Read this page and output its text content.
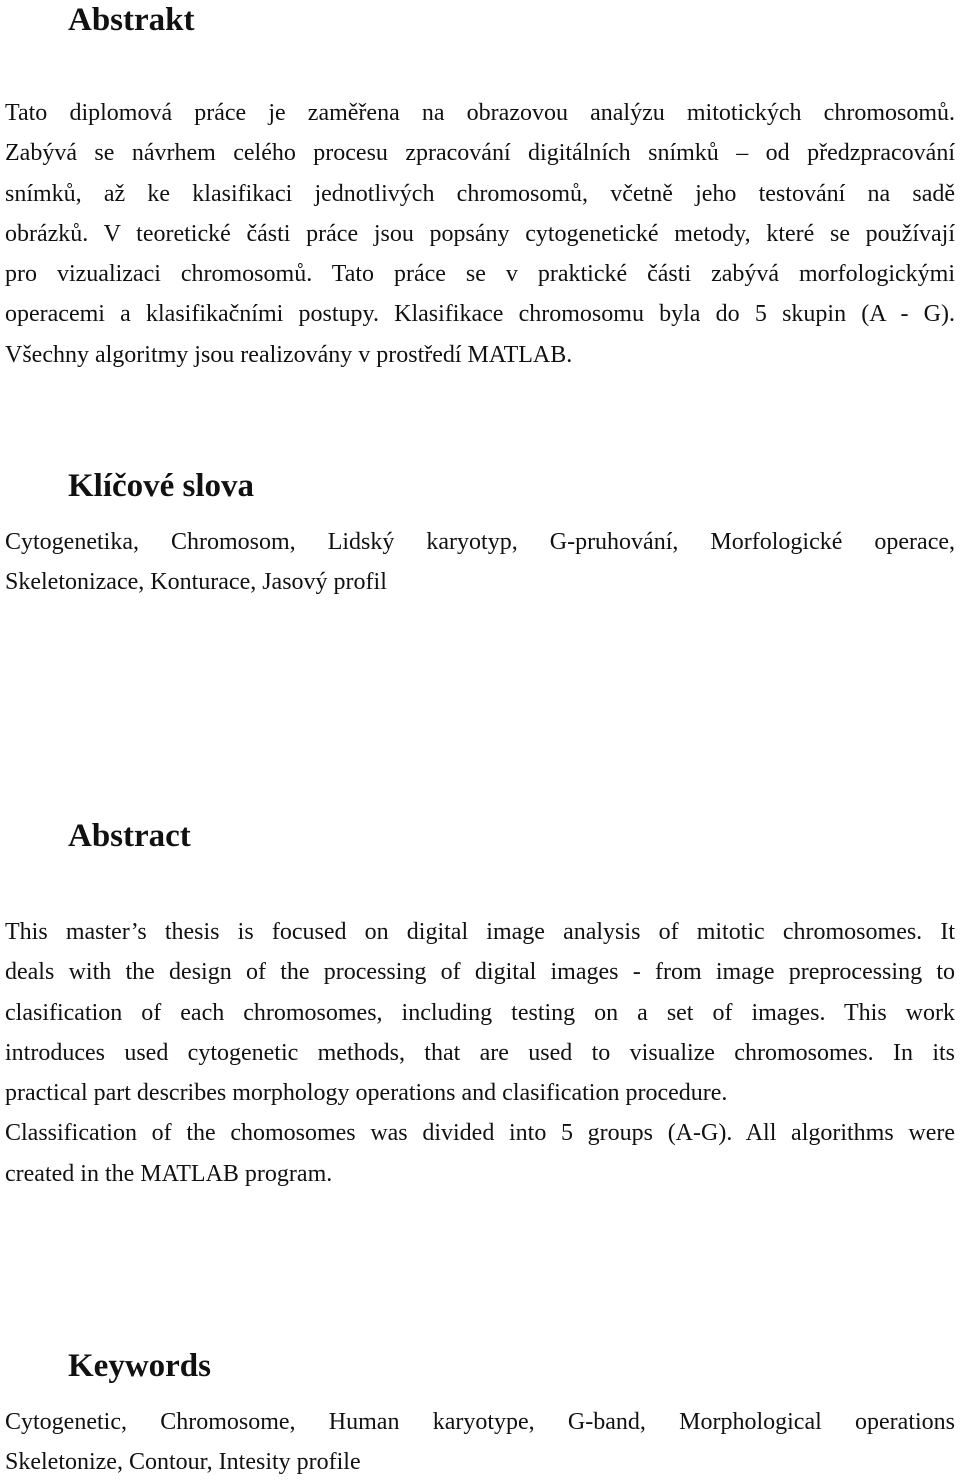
Abstrakt
Tato diplomová práce je zaměřena na obrazovou analýzu mitotických chromosomů.
Zabývá se návrhem celého procesu zpracování digitálních snímků – od předzpracování
snímků, až ke klasifikaci jednotlivých chromosomů, včetně jeho testování na sadě
obrázků. V teoretické části práce jsou popsány cytogenetické metody, které se používají
pro vizualizaci chromosomů. Tato práce se v praktické části zabývá morfologickými
operacemi a klasifikačními postupy. Klasifikace chromosomu byla do 5 skupin (A - G).
Všechny algoritmy jsou realizovány v prostředí MATLAB.
Klíčové slova
Cytogenetika, Chromosom, Lidský karyotyp, G-pruhování, Morfologické operace,
Skeletonizace, Konturace, Jasový profil
Abstract
This master’s thesis is focused on digital image analysis of mitotic chromosomes. It
deals with the design of the processing of digital images - from image preprocessing to
clasification of each chromosomes, including testing on a set of images. This work
introduces used cytogenetic methods, that are used to visualize chromosomes. In its
practical part describes morphology operations and clasification procedure.
Classification of the chomosomes was divided into 5 groups (A-G). All algorithms were
created in the MATLAB program.
Keywords
Cytogenetic, Chromosome, Human karyotype, G-band, Morphological operations
Skeletonize, Contour, Intesity profile
